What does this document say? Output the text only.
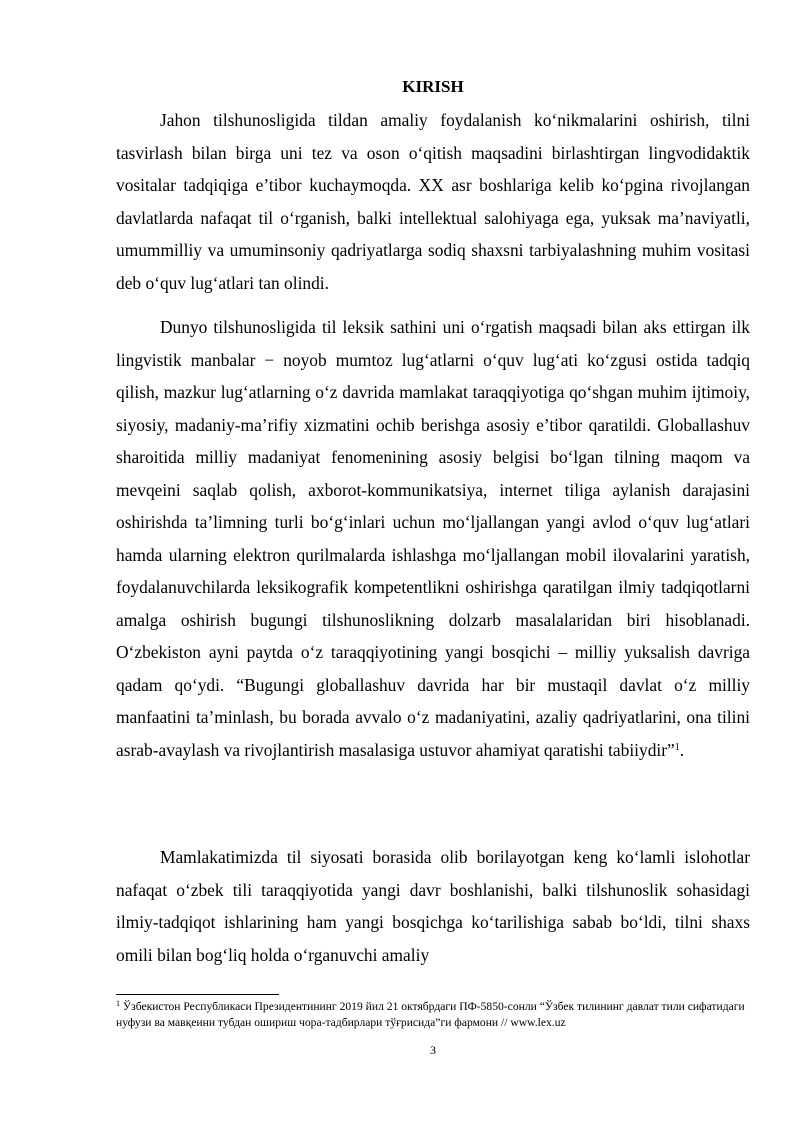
KIRISH

Jahon tilshunosligida tildan amaliy foydalanish koʻnikmalarini oshirish, tilni tasvirlash bilan birga uni tez va oson oʻqitish maqsadini birlashtirgan lingvodidaktik vositalar tadqiqiga e’tibor kuchaymoqda. XX asr boshlariga kelib koʻpgina rivojlangan davlatlarda nafaqat til oʻrganish, balki intellektual salohiyaga ega, yuksak ma’naviyatli, umummilliy va umuminsoniy qadriyatlarga sodiq shaxsni tarbiyalashning muhim vositasi deb oʻquv lugʻatlari tan olindi.

Dunyo tilshunosligida til leksik sathini uni oʻrgatish maqsadi bilan aks ettirgan ilk lingvistik manbalar − noyob mumtoz lugʻatlarni oʻquv lugʻati koʻzgusi ostida tadqiq qilish, mazkur lugʻatlarning oʻz davrida mamlakat taraqqiyotiga qoʻshgan muhim ijtimoiy, siyosiy, madaniy-ma’rifiy xizmatini ochib berishga asosiy e’tibor qaratildi. Globallashuv sharoitida milliy madaniyat fenomenining asosiy belgisi boʻlgan tilning maqom va mevqeini saqlab qolish, axborot-kommunikatsiya, internet tiliga aylanish darajasini oshirishda ta’limning turli boʻgʻinlari uchun moʻljallangan yangi avlod oʻquv lugʻatlari hamda ularning elektron qurilmalarda ishlashga moʻljallangan mobil ilovalarini yaratish, foydalanuvchilarda leksikografik kompetentlikni oshirishga qaratilgan ilmiy tadqiqotlarni amalga oshirish bugungi tilshunoslikning dolzarb masalalaridan biri hisoblanadi. Oʻzbekiston ayni paytda oʻz taraqqiyotining yangi bosqichi – milliy yuksalish davriga qadam qoʻydi. “Bugungi globallashuv davrida har bir mustaqil davlat oʻz milliy manfaatini ta’minlash, bu borada avvalo oʻz madaniyatini, azaliy qadriyatlarini, ona tilini asrab-avaylash va rivojlantirish masalasiga ustuvor ahamiyat qaratishi tabiiydir”$^1$.

Mamlakatimizda til siyosati borasida olib borilayotgan keng koʻlamli islohotlar nafaqat oʻzbek tili taraqqiyotida yangi davr boshlanishi, balki tilshunoslik sohasidagi ilmiy-tadqiqot ishlarining ham yangi bosqichga koʻtarilishiga sabab boʻldi, tilni shaxs omili bilan bogʻliq holda oʻrganuvchi amaliy

$^1$ Ўзбекистон Республикаси Президентининг 2019 йил 21 октябрдаги ПФ-5850-сонли “Ўзбек тилининг давлат тили сифатидаги нуфузи ва мавқеини тубдан ошириш чора-тадбирлари тўғрисида”ги фармони // www.lex.uz

3
